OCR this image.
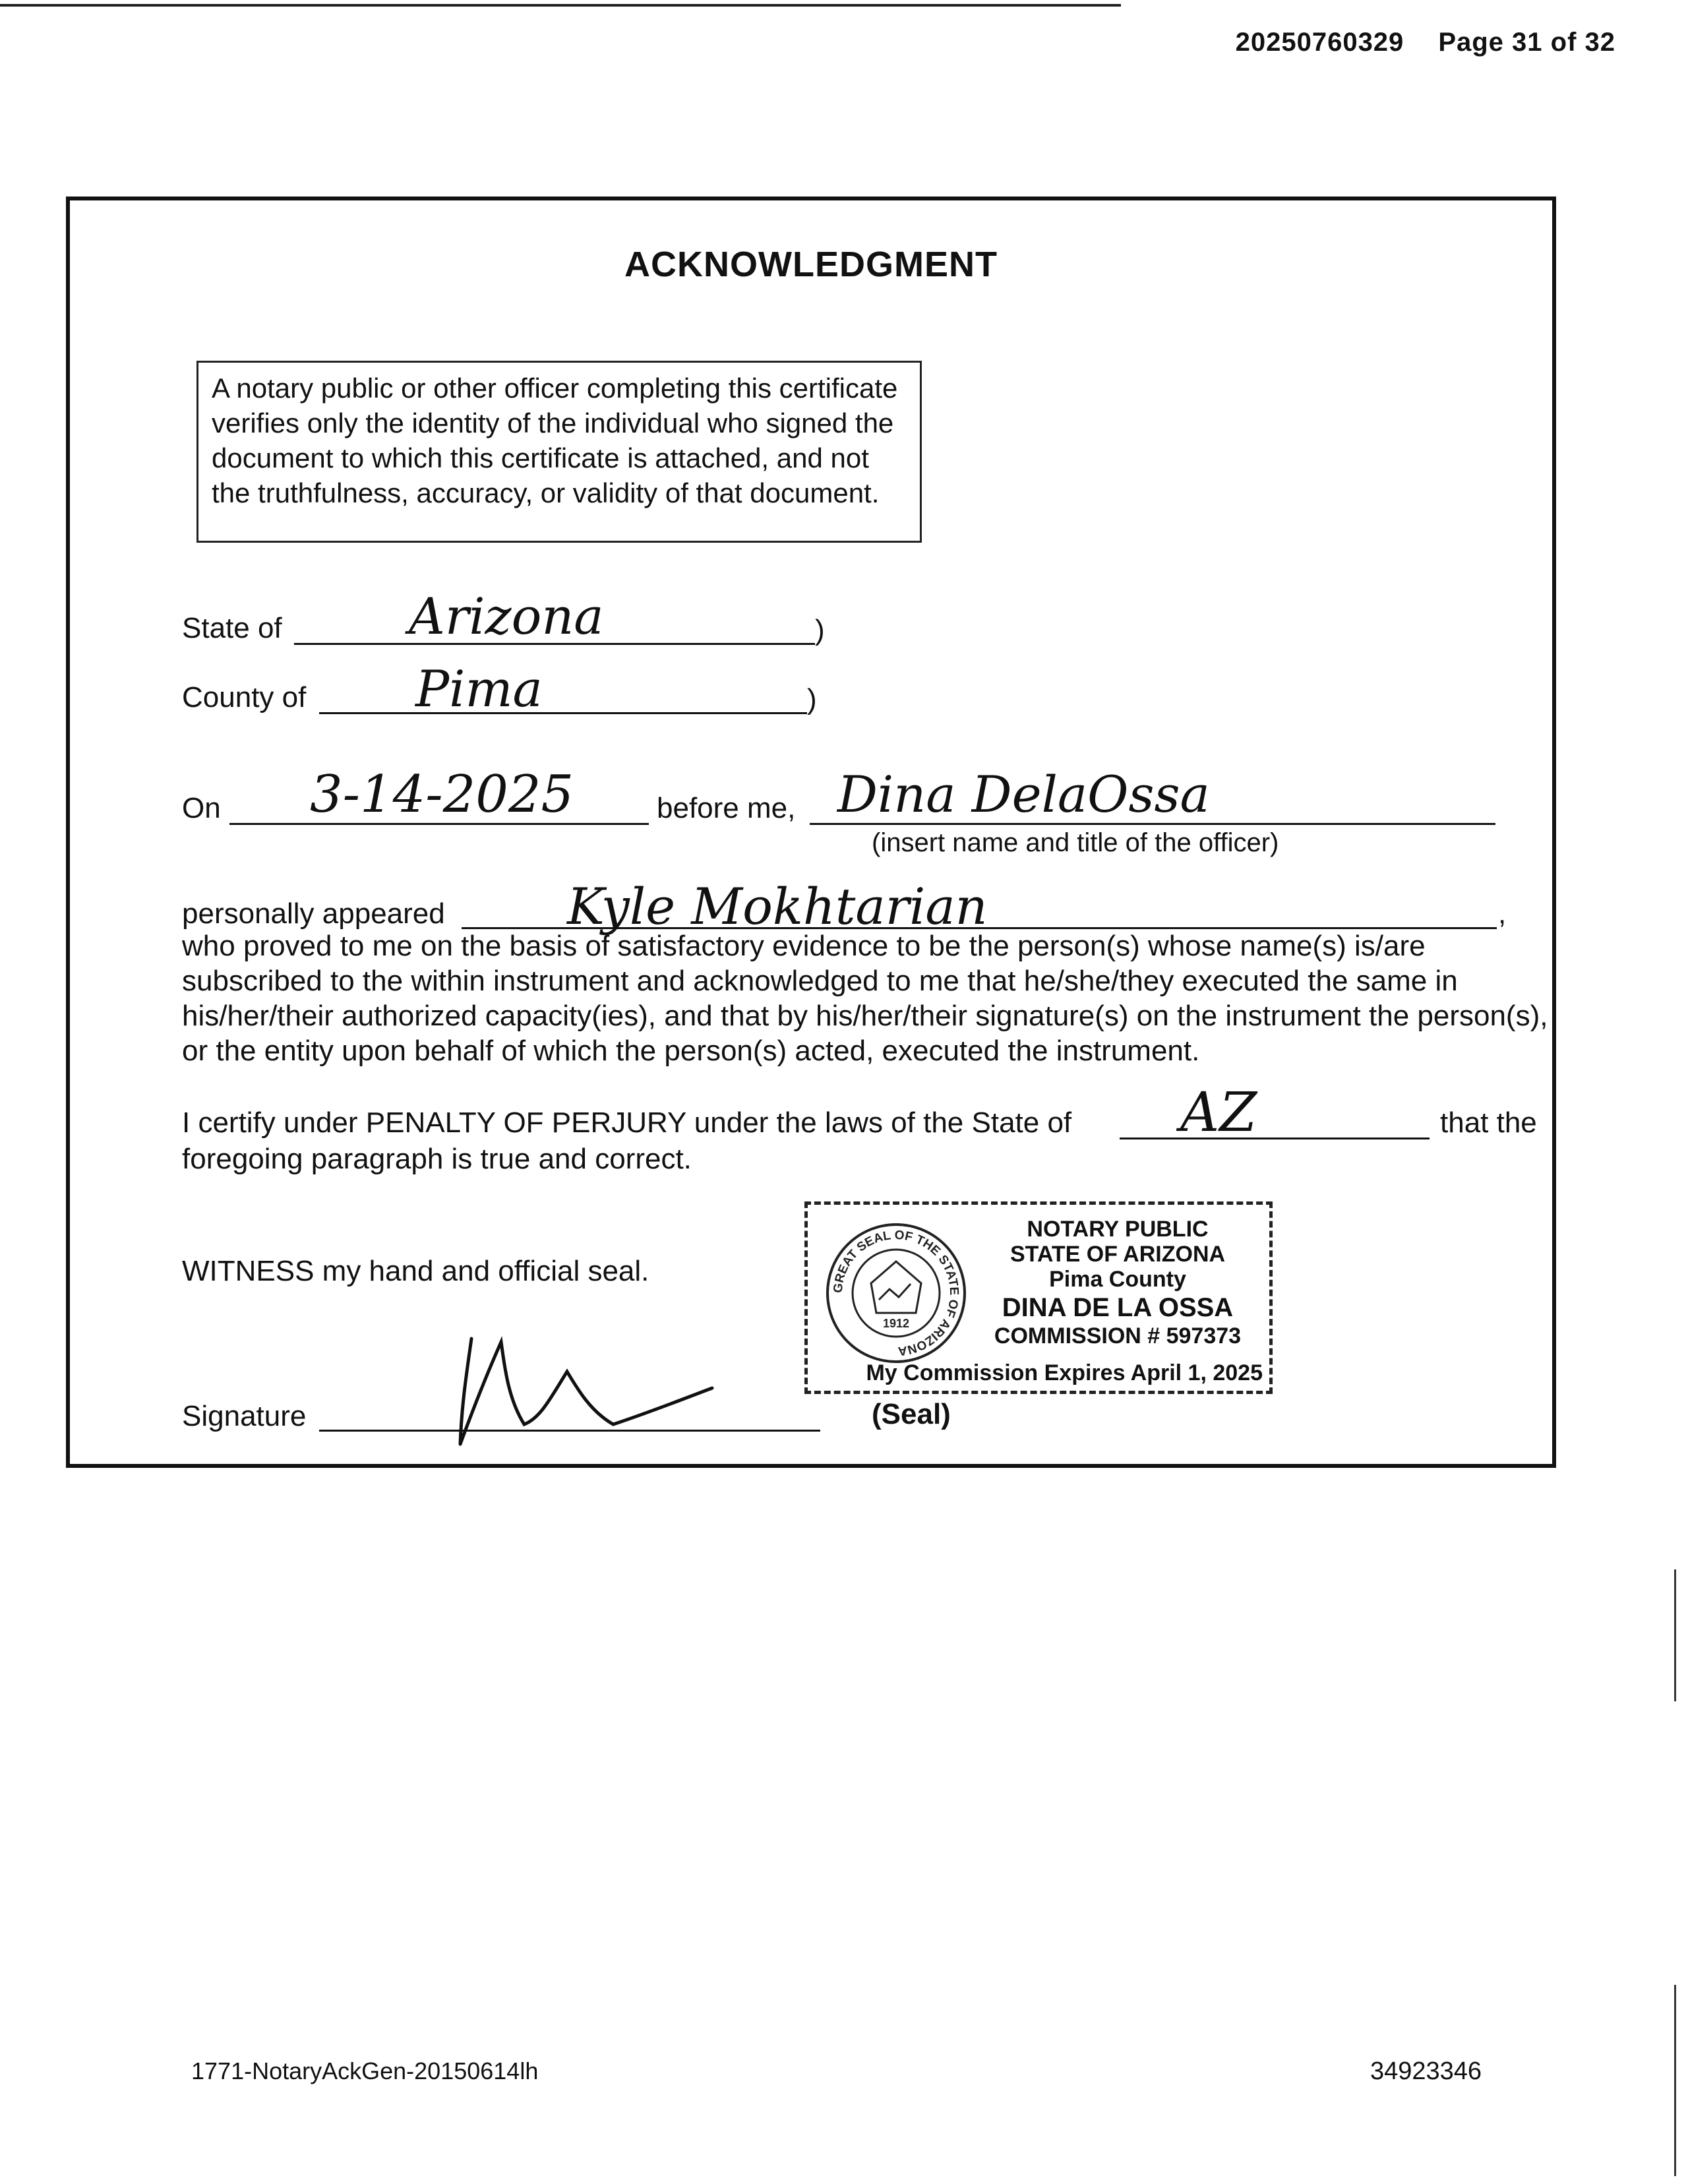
20250760329 Page 31 of 32
ACKNOWLEDGMENT
A notary public or other officer completing this certificate verifies only the identity of the individual who signed the document to which this certificate is attached, and not the truthfulness, accuracy, or validity of that document.
State of	Arizona	)
County of Pima	)
On 3-14-2025	before me, Dina DelaOssa
(insert name and title of the officer)
personally appeared Kyle Mokhtarian	,
who proved to me on the basis of satisfactory evidence to be the person(s) whose name(s) is/are subscribed to the within instrument and acknowledged to me that he/she/they executed the same in his/her/their authorized capacity(ies), and that by his/her/their signature(s) on the instrument the person(s), or the entity upon behalf of which the person(s) acted, executed the instrument.
I certify under PENALTY OF PERJURY under the laws of the State of AZ	that the
foregoing paragraph is true and correct.
WITNESS my hand and official seal.
GREAT SEAL OF THE STATE OF ARIZONA
1912
NOTARY PUBLIC
STATE OF ARIZONA
Pima County
DINA DE LA OSSA
COMMISSION # 597373
My Commission Expires April 1, 2025
Signature	(Seal)
1771-NotaryAckGen-20150614lh	34923346
